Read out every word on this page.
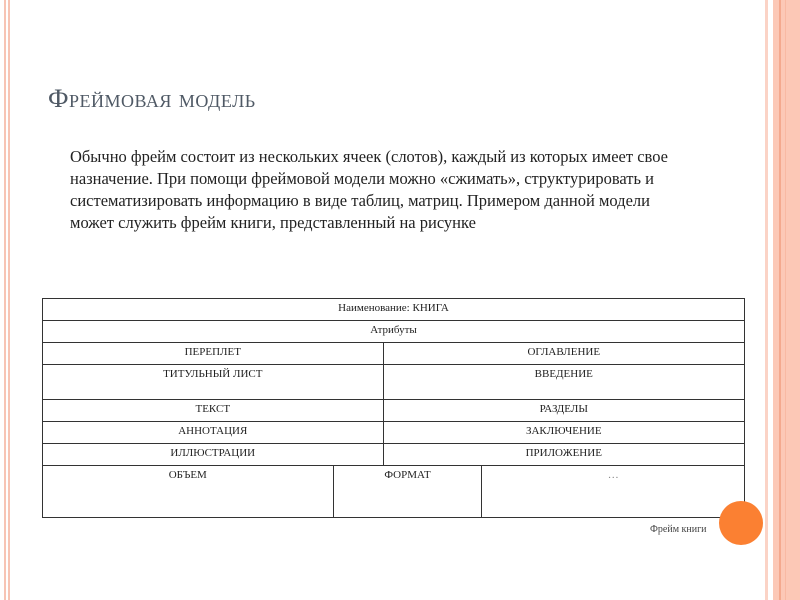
Фреймовая модель
Обычно фрейм состоит из нескольких ячеек (слотов), каждый из которых имеет свое назначение. При помощи фреймовой модели можно «сжимать», структурировать и систематизировать информацию в виде таблиц, матриц. Примером данной модели может служить фрейм книги, представленный на рисунке
Наименование: КНИГА			
Атрибуты			
ПЕРЕПЛЕТ		ОГЛАВЛЕНИЕ	
ТИТУЛЬНЫЙ ЛИСТ		ВВЕДЕНИЕ	
ТЕКСТ		РАЗДЕЛЫ	
АННОТАЦИЯ		ЗАКЛЮЧЕНИЕ	
ИЛЛЮСТРАЦИИ		ПРИЛОЖЕНИЕ	
ОБЪЕМ	ФОРМАТ		…
Фрейм книги
